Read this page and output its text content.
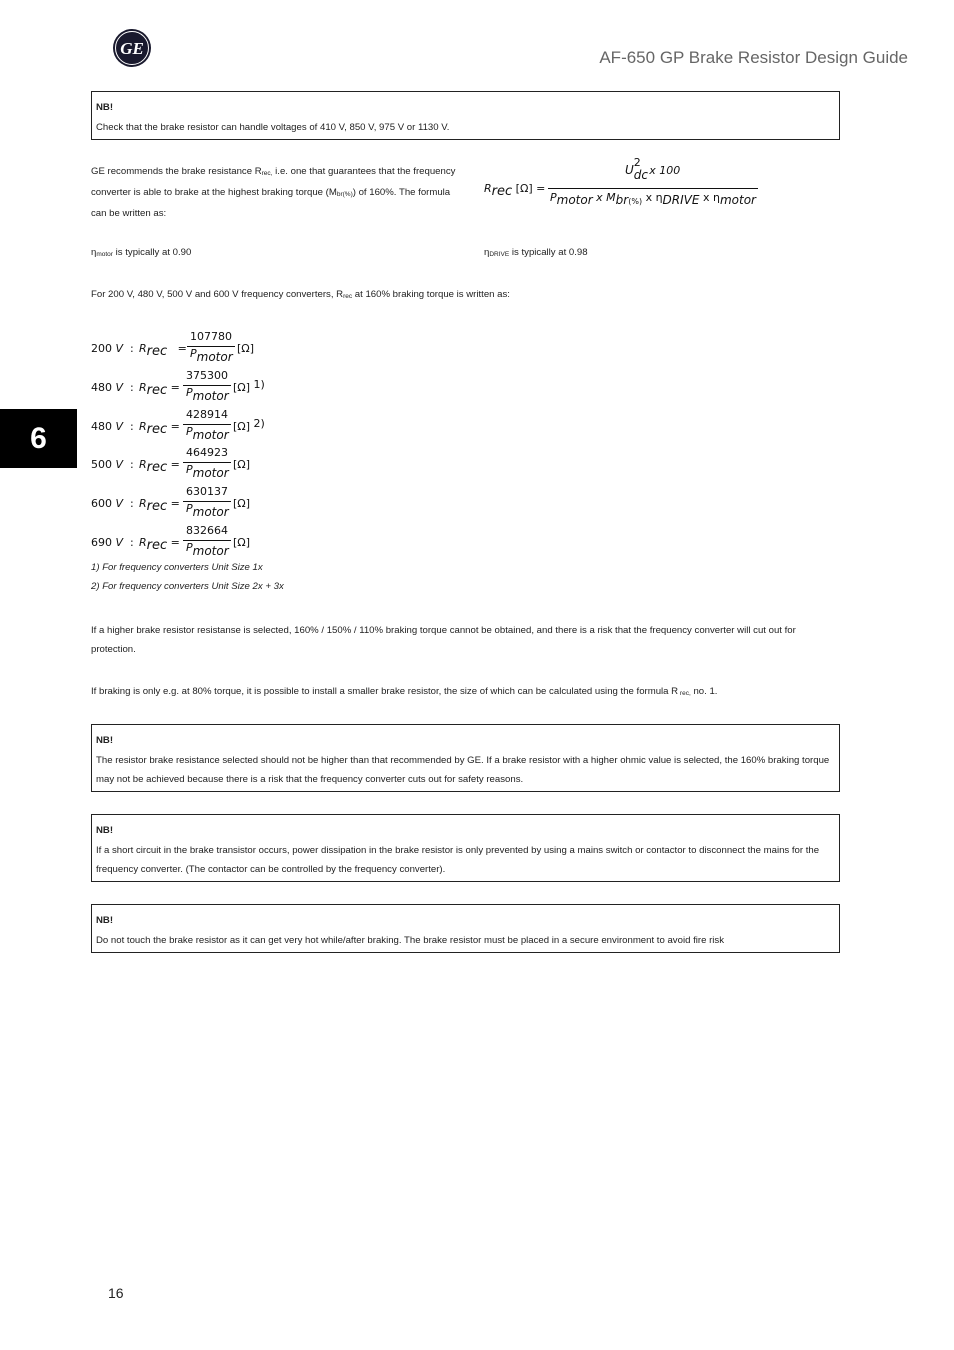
GE	AF-650 GP Brake Resistor Design Guide
6
NB!
Check that the brake resistor can handle voltages of 410 V, 850 V, 975 V or 1130 V.
GE recommends the brake resistance Rrec, i.e. one that guarantees that the frequency converter is able to brake at the highest braking torque (Mbr(%)) of 160%. The formula can be written as:
Rrec [Ω] =
U
2
dc x 100
Pmotor x Mbr$_{(\%)}$ x ηDRIVE x ηmotor
ηmotor is typically at 0.90	ηDRIVE is typically at 0.98
For 200 V, 480 V, 500 V and 600 V frequency converters, Rrec at 160% braking torque is written as:
200 V : Rrec =
107780
Pmotor
[Ω]
480 V : Rrec =
375300
Pmotor
[Ω] 1)
480 V : Rrec =
428914
Pmotor
[Ω] 2)
500 V : Rrec =
464923
Pmotor
[Ω]
600 V : Rrec =
630137
Pmotor
[Ω]
690 V : Rrec =
832664
Pmotor
[Ω]
1) For frequency converters Unit Size 1x
2) For frequency converters Unit Size 2x + 3x
If a higher brake resistor resistanse is selected, 160% / 150% / 110% braking torque cannot be obtained, and there is a risk that the frequency converter will cut out for protection.
If braking is only e.g. at 80% torque, it is possible to install a smaller brake resistor, the size of which can be calculated using the formula R rec, no. 1.
NB!
The resistor brake resistance selected should not be higher than that recommended by GE. If a brake resistor with a higher ohmic value is selected, the 160% braking torque may not be achieved because there is a risk that the frequency converter cuts out for safety reasons.
NB!
If a short circuit in the brake transistor occurs, power dissipation in the brake resistor is only prevented by using a mains switch or contactor to disconnect the mains for the frequency converter. (The contactor can be controlled by the frequency converter).
NB!
Do not touch the brake resistor as it can get very hot while/after braking. The brake resistor must be placed in a secure environment to avoid fire risk
16
